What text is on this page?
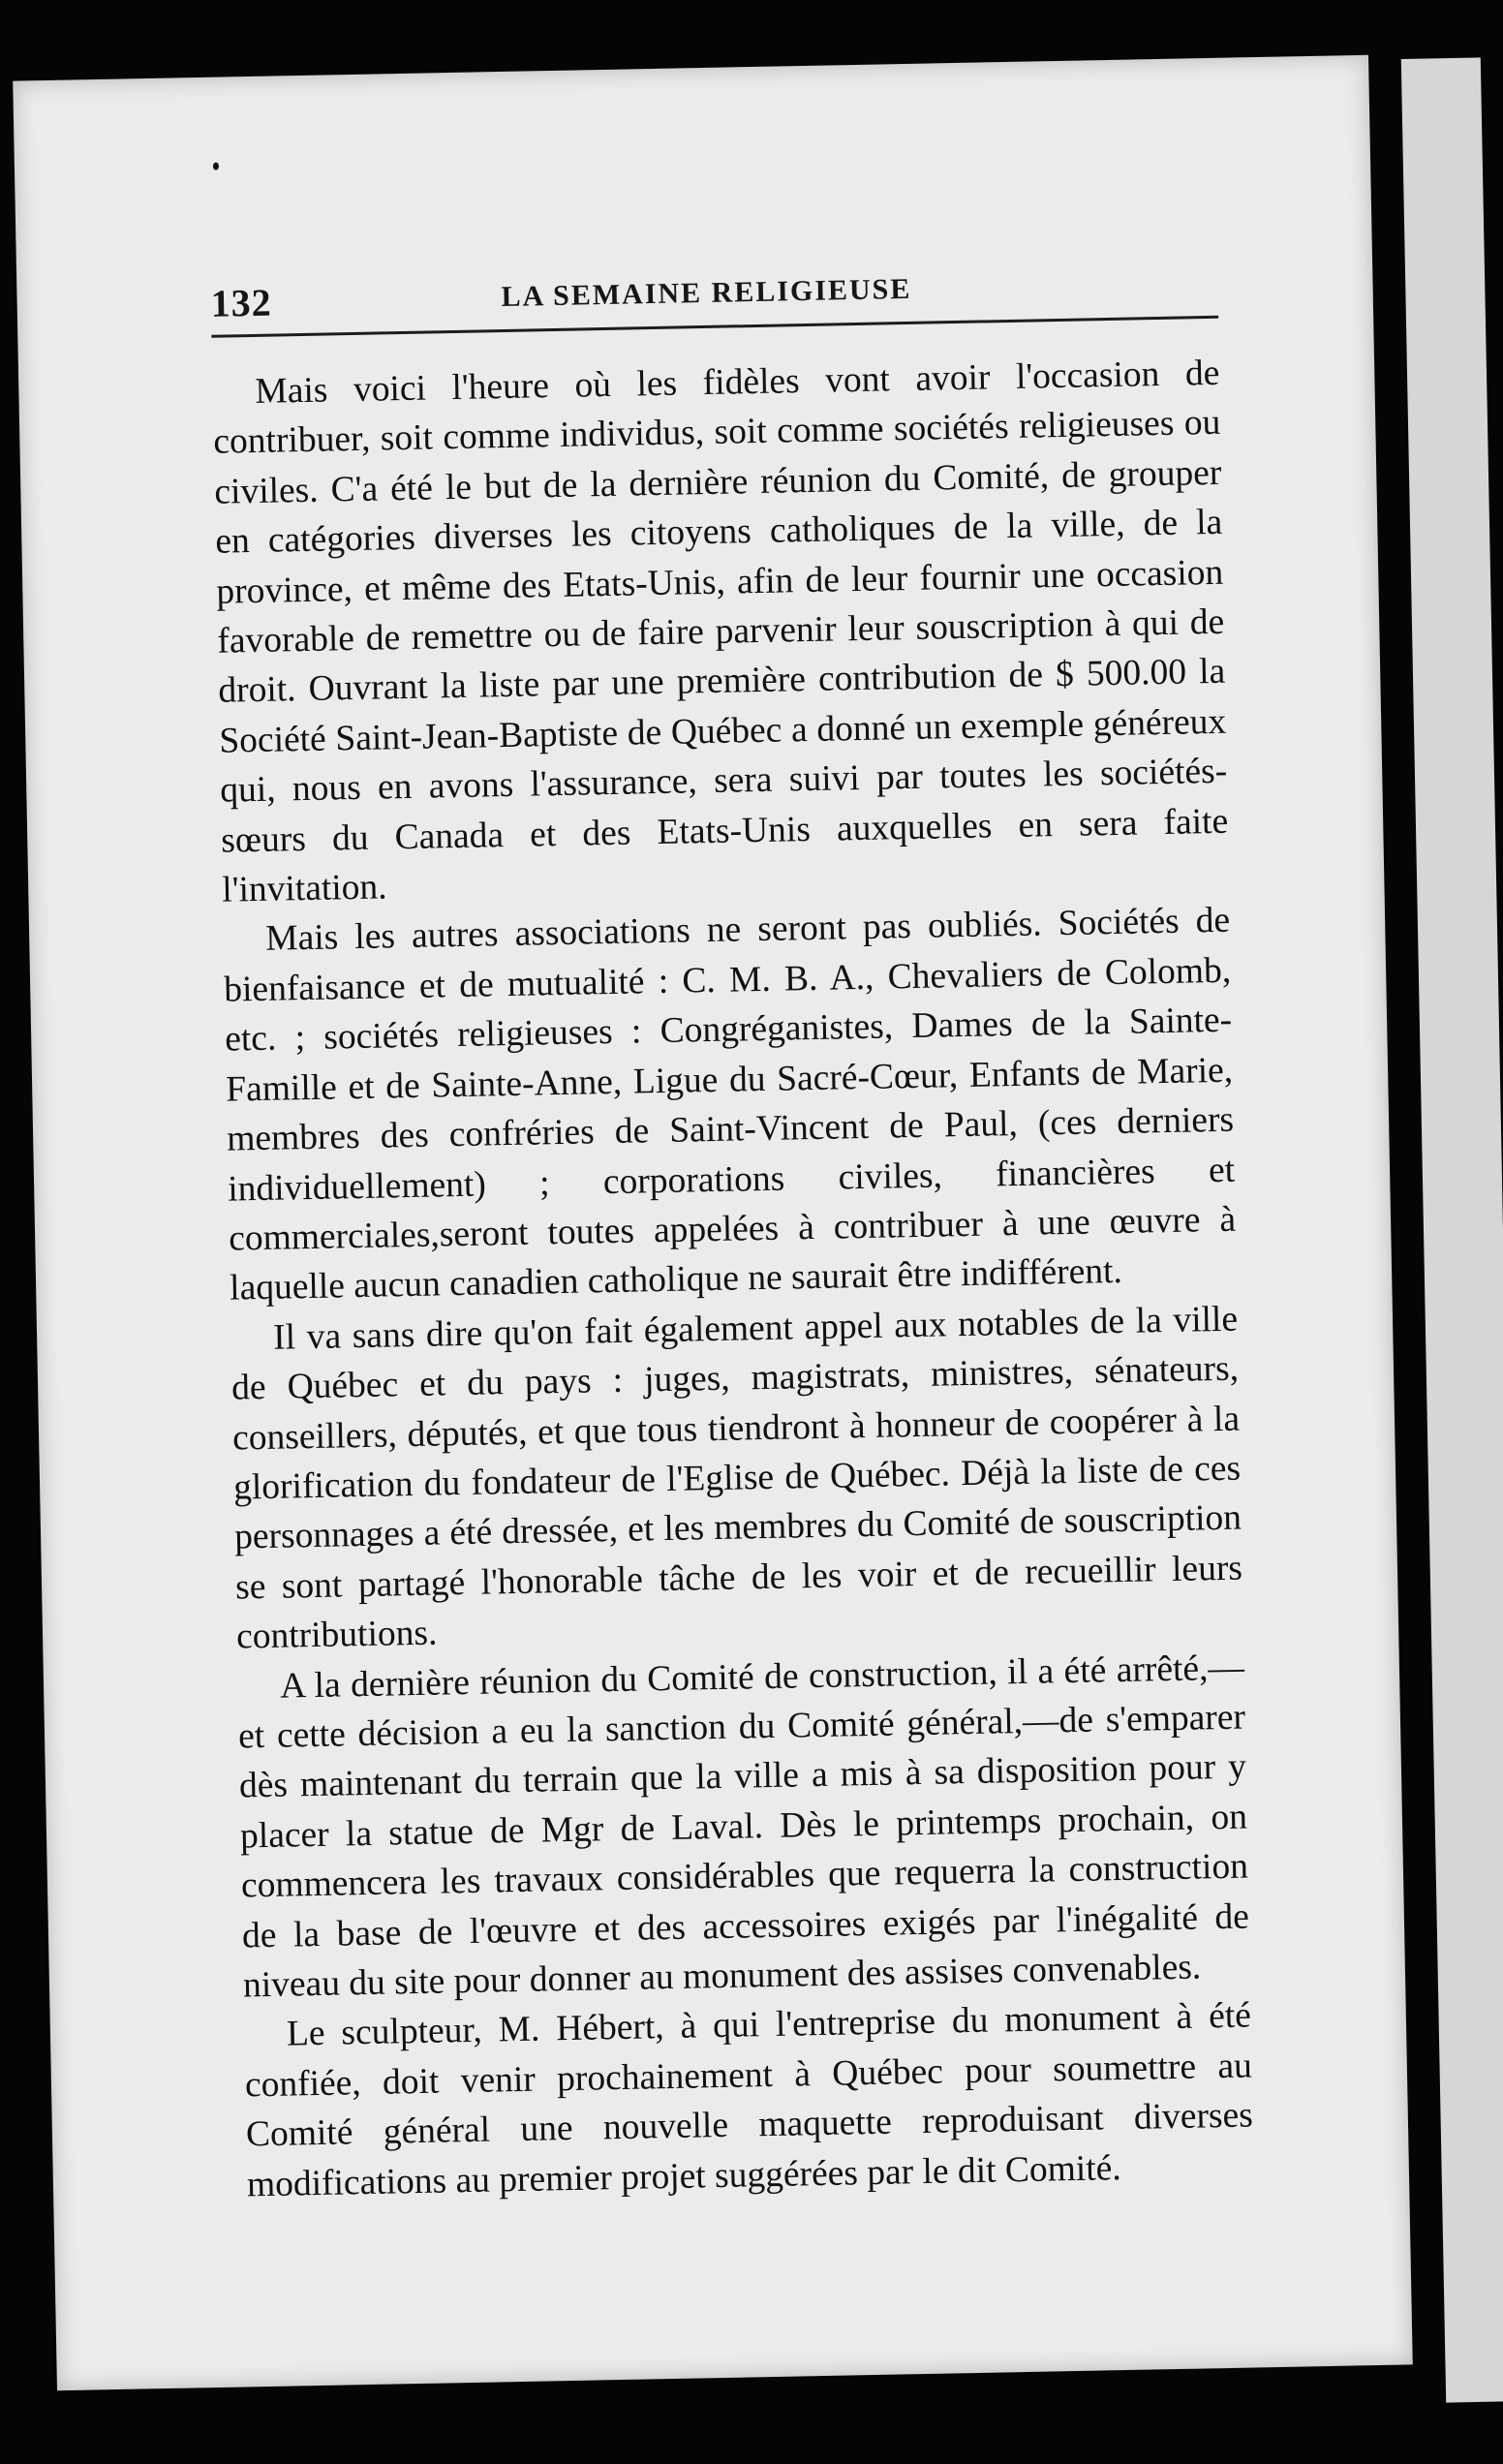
132	LA SEMAINE RELIGIEUSE

Mais voici l'heure où les fidèles vont avoir l'occasion de contribuer, soit comme individus, soit comme sociétés religieuses ou civiles. C'a été le but de la dernière réunion du Comité, de grouper en catégories diverses les citoyens catholiques de la ville, de la province, et même des Etats-Unis, afin de leur fournir une occasion favorable de remettre ou de faire parvenir leur souscription à qui de droit. Ouvrant la liste par une première contribution de $ 500.00 la Société Saint-Jean-Baptiste de Québec a donné un exemple généreux qui, nous en avons l'assurance, sera suivi par toutes les sociétés-sœurs du Canada et des Etats-Unis auxquelles en sera faite l'invitation.

Mais les autres associations ne seront pas oubliés. Sociétés de bienfaisance et de mutualité : C. M. B. A., Chevaliers de Colomb, etc. ; sociétés religieuses : Congréganistes, Dames de la Sainte-Famille et de Sainte-Anne, Ligue du Sacré-Cœur, Enfants de Marie, membres des confréries de Saint-Vincent de Paul, (ces derniers individuellement) ; corporations civiles, financières et commerciales,seront toutes appelées à contribuer à une œuvre à laquelle aucun canadien catholique ne saurait être indifférent.

Il va sans dire qu'on fait également appel aux notables de la ville de Québec et du pays : juges, magistrats, ministres, sénateurs, conseillers, députés, et que tous tiendront à honneur de coopérer à la glorification du fondateur de l'Eglise de Québec. Déjà la liste de ces personnages a été dressée, et les membres du Comité de souscription se sont partagé l'honorable tâche de les voir et de recueillir leurs contributions.

A la dernière réunion du Comité de construction, il a été arrêté,—et cette décision a eu la sanction du Comité général,—de s'emparer dès maintenant du terrain que la ville a mis à sa disposition pour y placer la statue de Mgr de Laval. Dès le printemps prochain, on commencera les travaux considérables que requerra la construction de la base de l'œuvre et des accessoires exigés par l'inégalité de niveau du site pour donner au monument des assises convenables.

Le sculpteur, M. Hébert, à qui l'entreprise du monument à été confiée, doit venir prochainement à Québec pour soumettre au Comité général une nouvelle maquette reproduisant diverses modifications au premier projet suggérées par le dit Comité.
